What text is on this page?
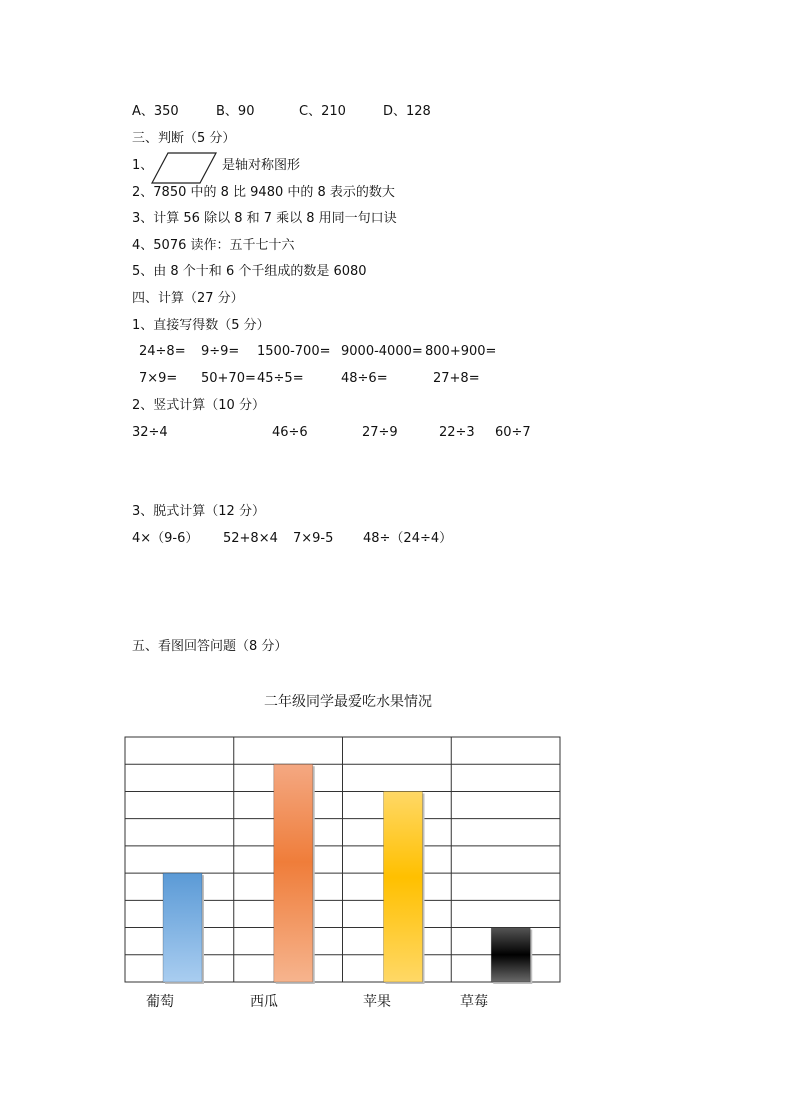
A、350

	B、90

	C、210

	D、128

三、判断（5 分）
1、	是轴对称图形
2、7850 中的 8 比 9480 中的 8 表示的数大
3、计算 56 除以 8 和 7 乘以 8 用同一句口诀
4、5076 读作：五千七十六
5、由 8 个十和 6 个千组成的数是 6080
四、计算（27 分）
1、直接写得数（5 分）

24÷8=

9÷9=

1500-700=

9000-4000=

800+900=

7×9=

50+70=

45÷5=

	48÷6=

	27+8=

2、竖式计算（10 分）

32÷4

	46÷6

	27÷9

	22÷3

60÷7

3、脱式计算（12 分）

4×（9-6）

52+8×4

7×9-5

48÷（24÷4）

五、看图回答问题（8 分）
二年级同学最爱吃水果情况
葡萄	西瓜	苹果	草莓
